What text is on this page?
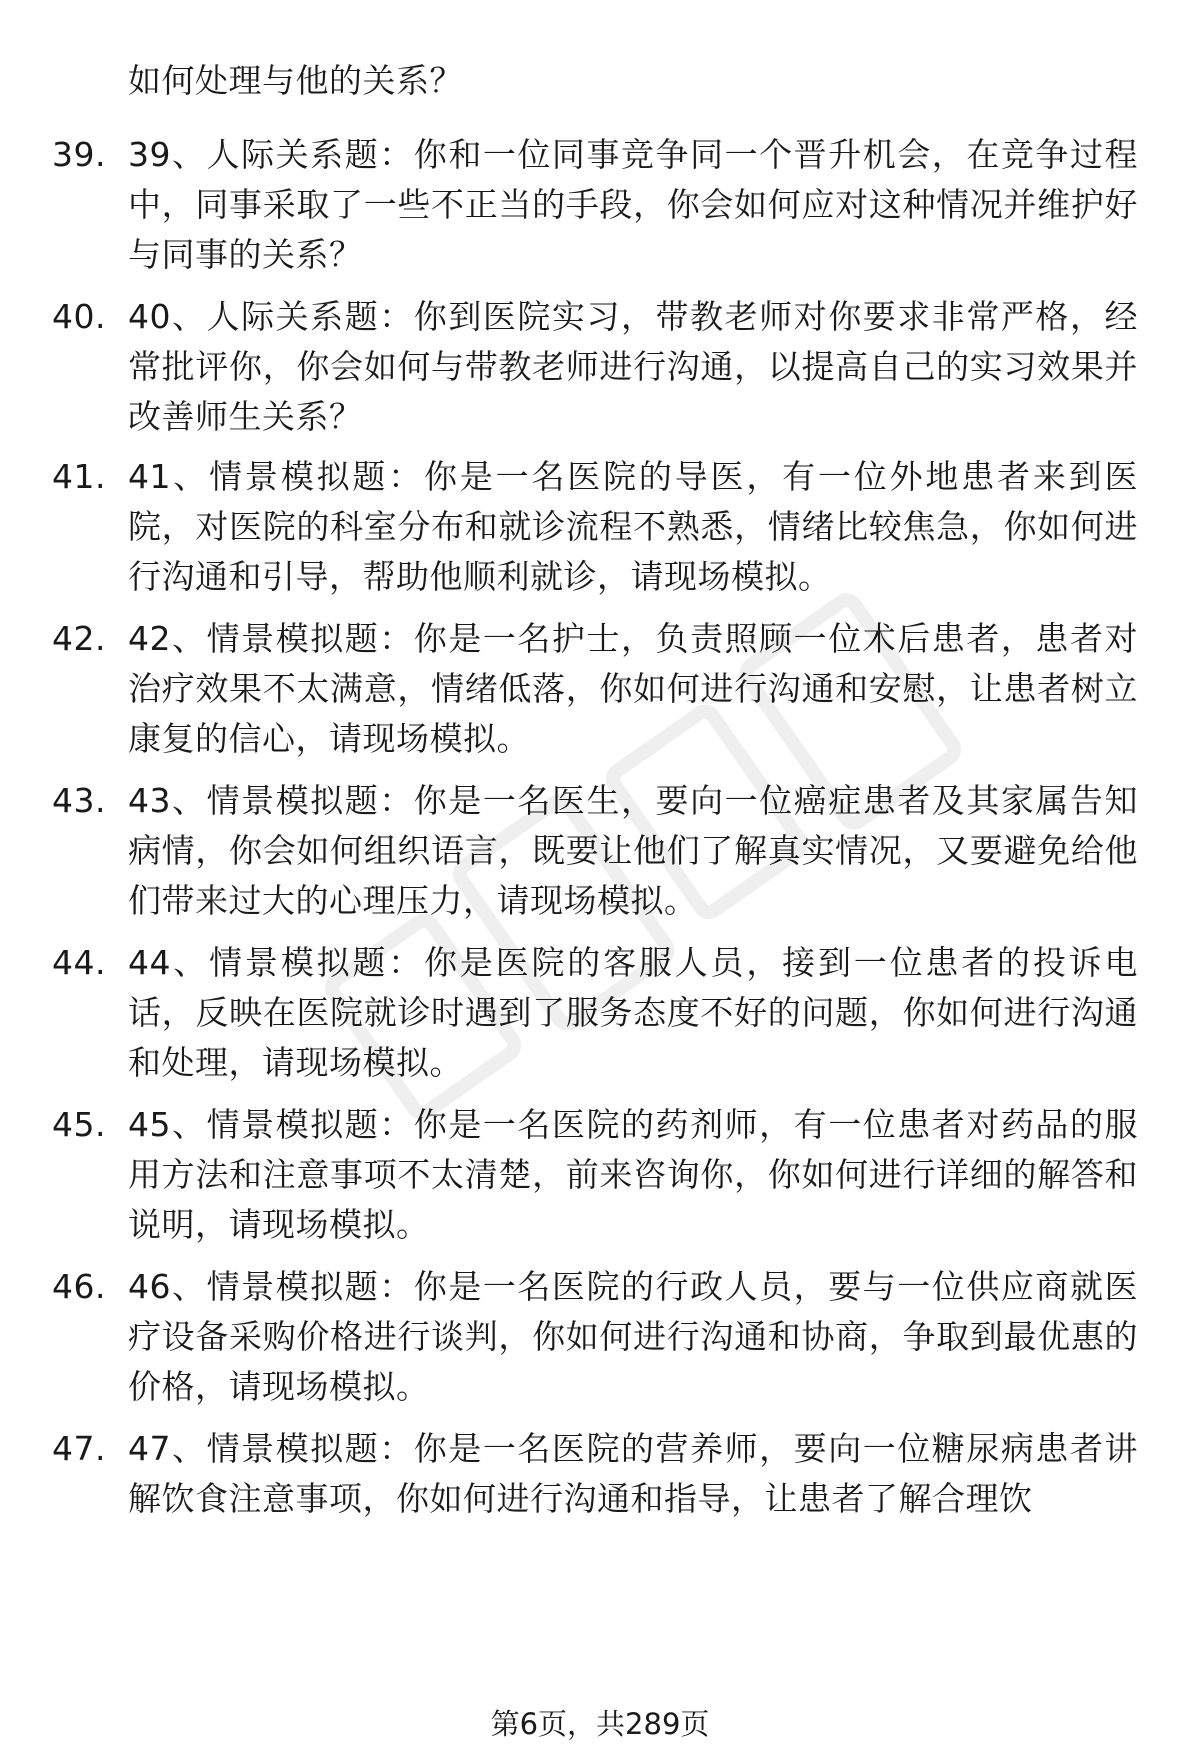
如何处理与他的关系？
39. 39、人际关系题：你和一位同事竞争同一个晋升机会，在竞争过程中，同事采取了一些不正当的手段，你会如何应对这种情况并维护好与同事的关系？
40. 40、人际关系题：你到医院实习，带教老师对你要求非常严格，经常批评你，你会如何与带教老师进行沟通，以提高自己的实习效果并改善师生关系？
41. 41、情景模拟题：你是一名医院的导医，有一位外地患者来到医院，对医院的科室分布和就诊流程不熟悉，情绪比较焦急，你如何进行沟通和引导，帮助他顺利就诊，请现场模拟。
42. 42、情景模拟题：你是一名护士，负责照顾一位术后患者，患者对治疗效果不太满意，情绪低落，你如何进行沟通和安慰，让患者树立康复的信心，请现场模拟。
43. 43、情景模拟题：你是一名医生，要向一位癌症患者及其家属告知病情，你会如何组织语言，既要让他们了解真实情况，又要避免给他们带来过大的心理压力，请现场模拟。
44. 44、情景模拟题：你是医院的客服人员，接到一位患者的投诉电话，反映在医院就诊时遇到了服务态度不好的问题，你如何进行沟通和处理，请现场模拟。
45. 45、情景模拟题：你是一名医院的药剂师，有一位患者对药品的服用方法和注意事项不太清楚，前来咨询你，你如何进行详细的解答和说明，请现场模拟。
46. 46、情景模拟题：你是一名医院的行政人员，要与一位供应商就医疗设备采购价格进行谈判，你如何进行沟通和协商，争取到最优惠的价格，请现场模拟。
47. 47、情景模拟题：你是一名医院的营养师，要向一位糖尿病患者讲解饮食注意事项，你如何进行沟通和指导，让患者了解合理饮
第6页，共289页
